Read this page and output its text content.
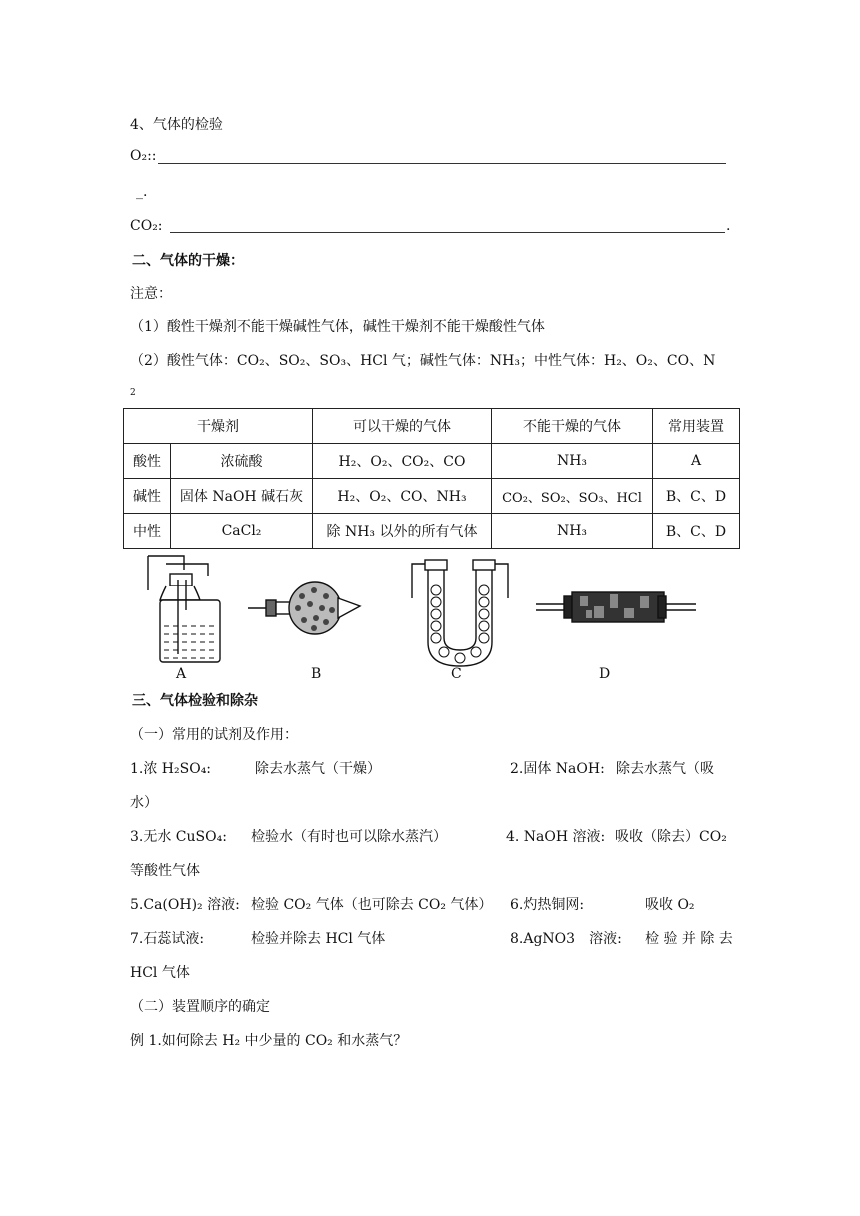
4、气体的检验
O₂::
_.
CO₂:	.
二、气体的干燥：
注意：
（1）酸性干燥剂不能干燥碱性气体，碱性干燥剂不能干燥酸性气体
（2）酸性气体：CO₂、SO₂、SO₃、HCl 气；碱性气体：NH₃；中性气体：H₂、O₂、CO、N
2
干燥剂		可以干燥的气体	不能干燥的气体	常用装置
酸性	浓硫酸	H₂、O₂、CO₂、CO	NH₃	A
碱性	固体 NaOH 碱石灰	H₂、O₂、CO、NH₃	CO₂、SO₂、SO₃、HCl	B、C、D
中性	CaCl₂	除 NH₃ 以外的所有气体	NH₃	B、C、D
A	B	C	D
三、气体检验和除杂
（一）常用的试剂及作用：
1.浓 H₂SO₄:	除去水蒸气（干燥）	2.固体 NaOH: 除去水蒸气（吸
水）
3.无水 CuSO₄: 检验水（有时也可以除水蒸汽）	4. NaOH 溶液: 吸收（除去）CO₂
等酸性气体
5.Ca(OH)₂ 溶液: 检验 CO₂ 气体（也可除去 CO₂ 气体） 6.灼热铜网:	吸收 O₂
7.石蕊试液:	检验并除去 HCl 气体	8.AgNO3　溶液: 检 验 并 除 去
HCl 气体
（二）装置顺序的确定
例 1.如何除去 H₂ 中少量的 CO₂ 和水蒸气？
